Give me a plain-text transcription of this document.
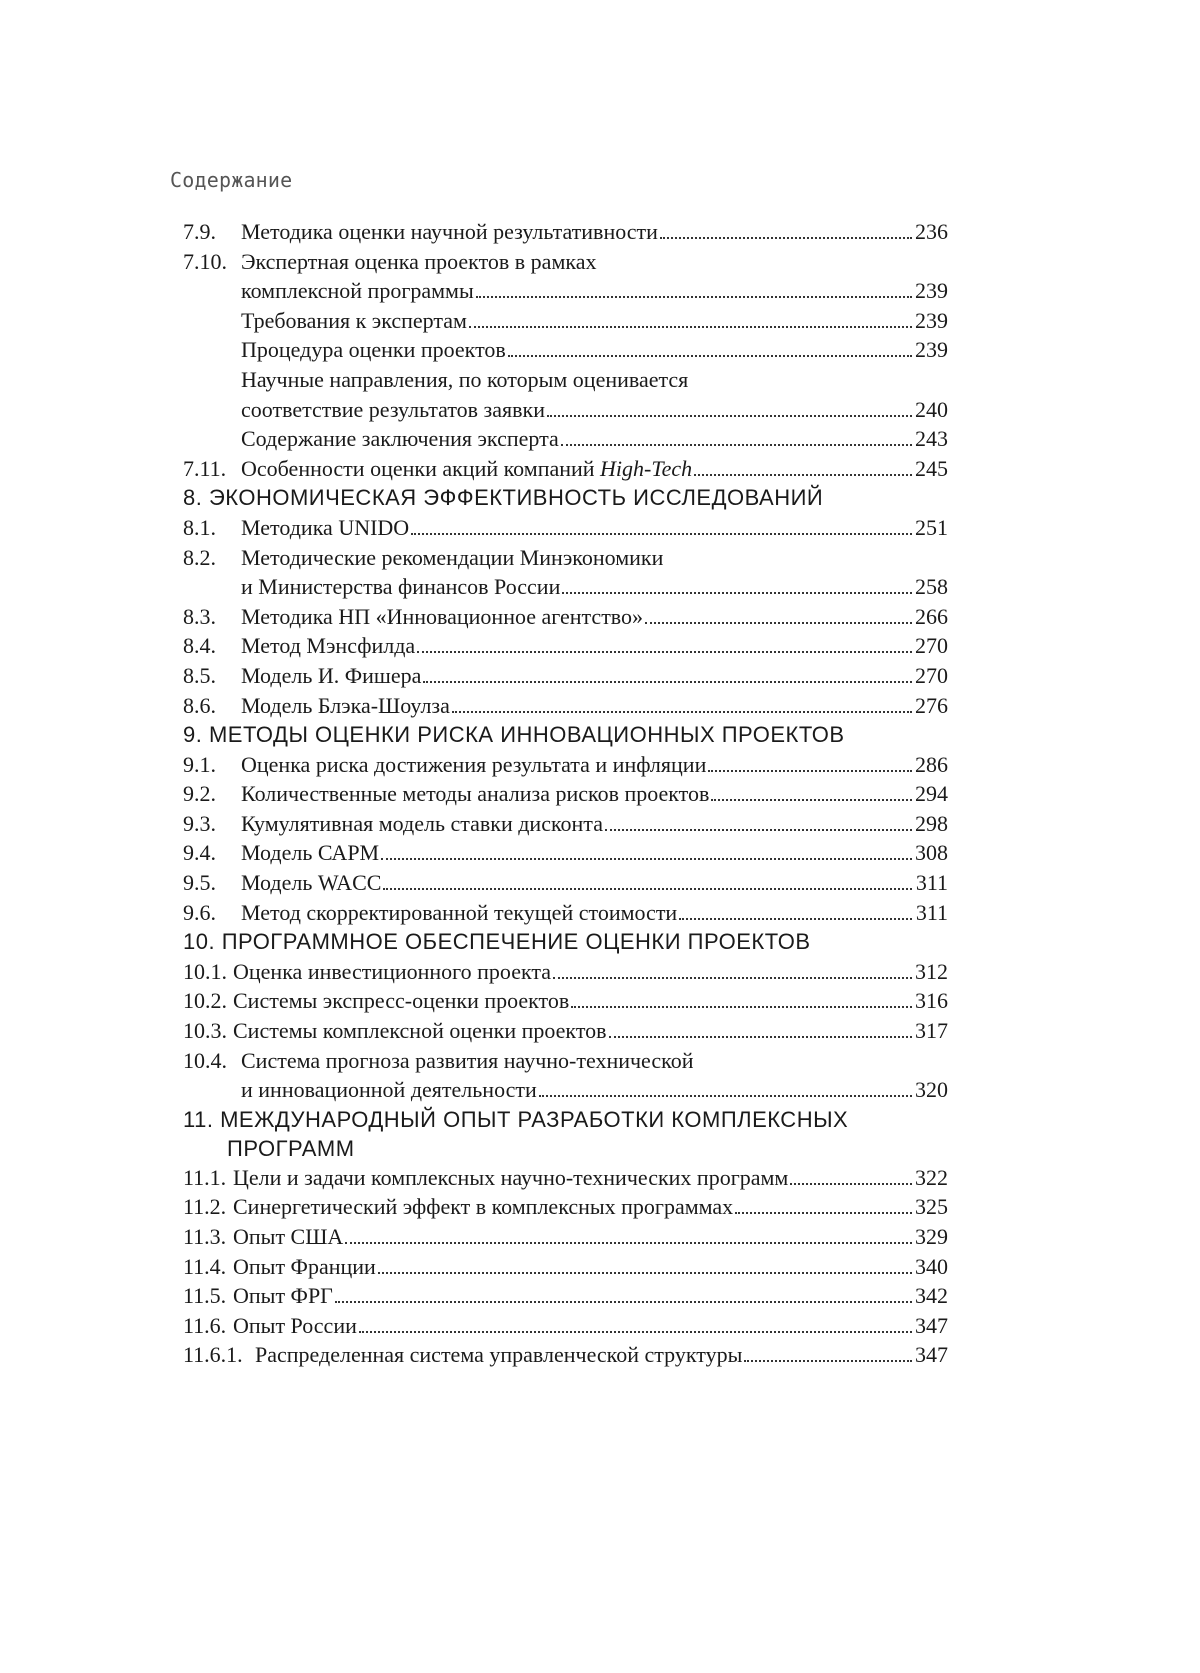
Содержание
7.9.	Методика оценки научной результативности	236
7.10. Экспертная оценка проектов в рамках
комплексной программы	239
Требования к экспертам	239
Процедура оценки проектов	239
Научные направления, по которым оценивается
соответствие результатов заявки	240
Содержание заключения эксперта	243
7.11. Особенности оценки акций компаний High-Tech	245
8. ЭКОНОМИЧЕСКАЯ ЭФФЕКТИВНОСТЬ ИССЛЕДОВАНИЙ
8.1.	Методика UNIDO	251
8.2.	Методические рекомендации Минэкономики
и Министерства финансов России	258
8.3.	Методика НП «Инновационное агентство»	266
8.4.	Метод Мэнсфилда	270
8.5.	Модель И. Фишера	270
8.6.	Модель Блэка-Шоулза	276
9. МЕТОДЫ ОЦЕНКИ РИСКА ИННОВАЦИОННЫХ ПРОЕКТОВ
9.1.	Оценка риска достижения результата и инфляции	286
9.2.	Количественные методы анализа рисков проектов	294
9.3.	Кумулятивная модель ставки дисконта	298
9.4.	Модель САРМ	308
9.5.	Модель WACC	311
9.6.	Метод скорректированной текущей стоимости	311
10. ПРОГРАММНОЕ ОБЕСПЕЧЕНИЕ ОЦЕНКИ ПРОЕКТОВ
10.1. Оценка инвестиционного проекта	312
10.2. Системы экспресс-оценки проектов	316
10.3. Системы комплексной оценки проектов	317
10.4. Система прогноза развития научно-технической
и инновационной деятельности	320
11. МЕЖДУНАРОДНЫЙ ОПЫТ РАЗРАБОТКИ КОМПЛЕКСНЫХ
ПРОГРАММ
11.1. Цели и задачи комплексных научно-технических программ	322
11.2. Синергетический эффект в комплексных программах	325
11.3. Опыт США	329
11.4. Опыт Франции	340
11.5. Опыт ФРГ	342
11.6. Опыт России	347
11.6.1. Распределенная система управленческой структуры	347
